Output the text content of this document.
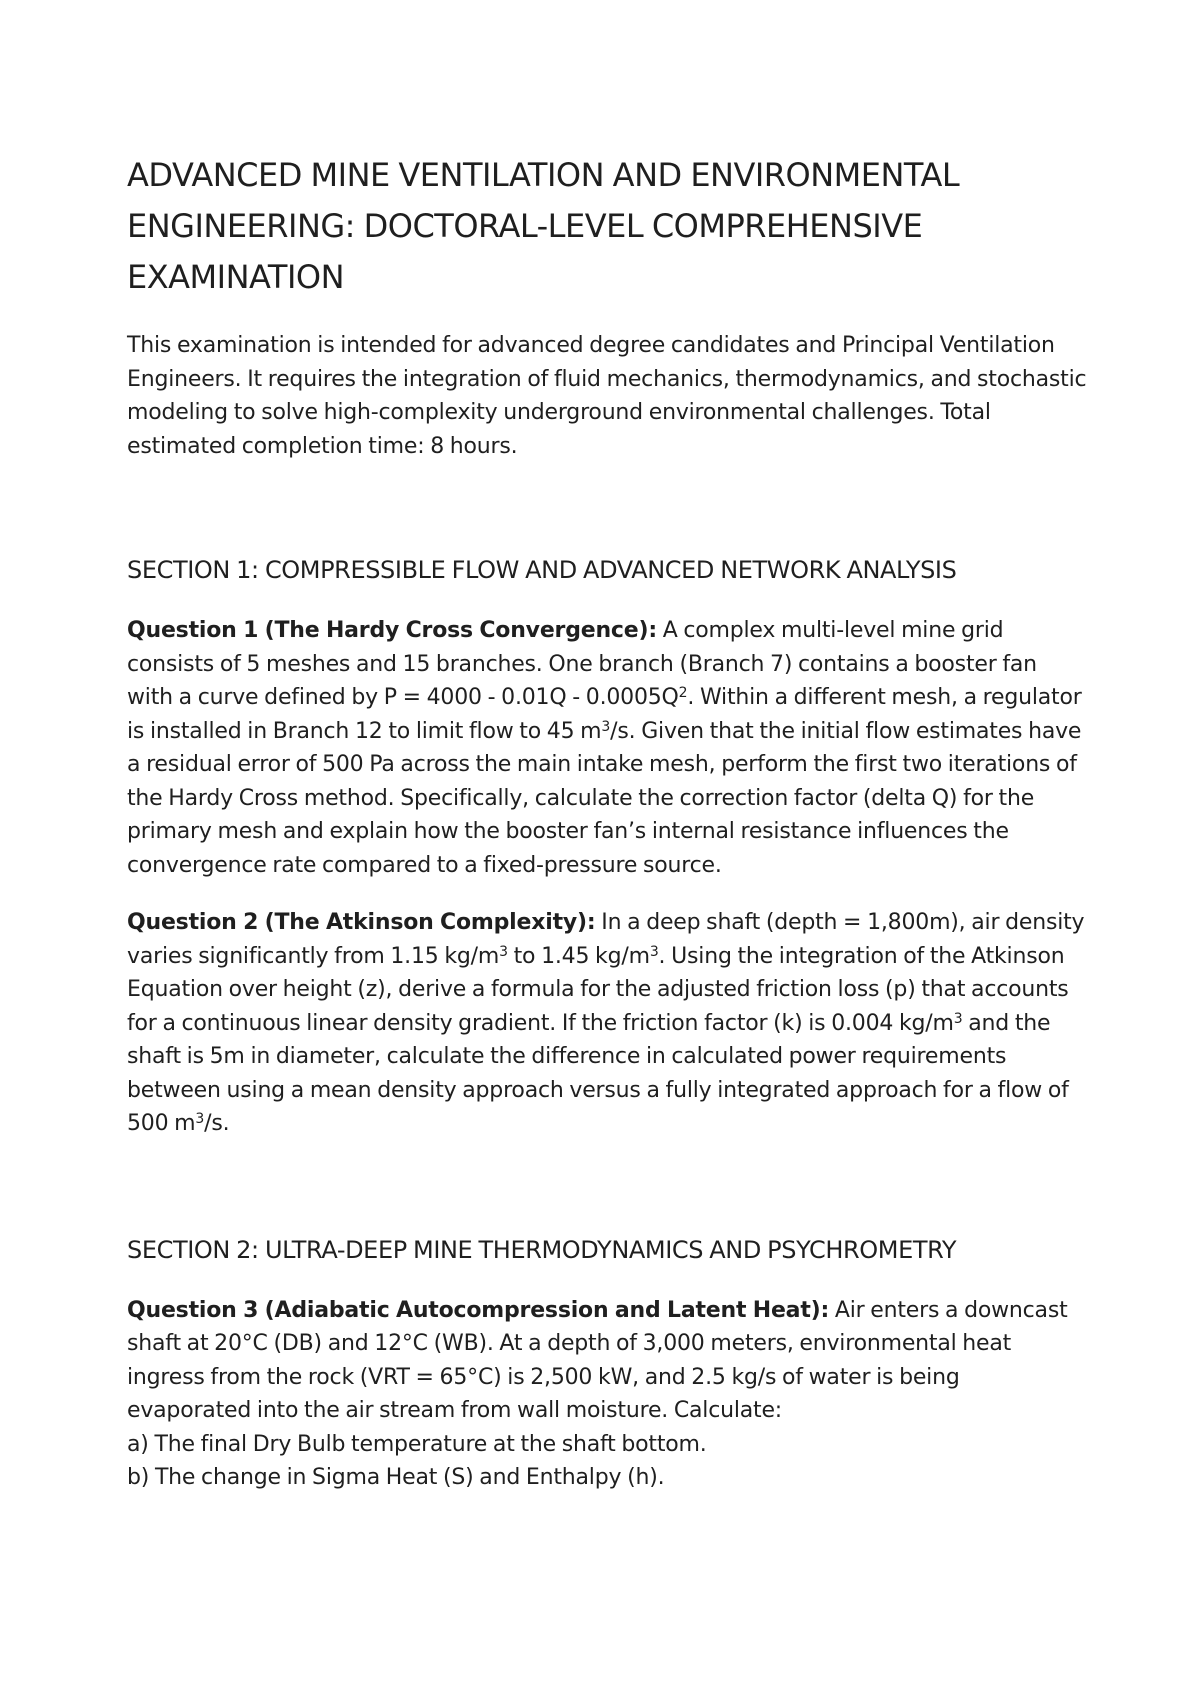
ADVANCED MINE VENTILATION AND ENVIRONMENTAL ENGINEERING: DOCTORAL-LEVEL COMPREHENSIVE EXAMINATION

This examination is intended for advanced degree candidates and Principal Ventilation Engineers. It requires the integration of fluid mechanics, thermodynamics, and stochastic modeling to solve high-complexity underground environmental challenges. Total estimated completion time: 8 hours.

SECTION 1: COMPRESSIBLE FLOW AND ADVANCED NETWORK ANALYSIS

Question 1 (The Hardy Cross Convergence): A complex multi-level mine grid consists of 5 meshes and 15 branches. One branch (Branch 7) contains a booster fan with a curve defined by $P = 4000 - 0.01Q - 0.0005Q^2$. Within a different mesh, a regulator is installed in Branch 12 to limit flow to 45 $m^3/s$. Given that the initial flow estimates have a residual error of 500 Pa across the main intake mesh, perform the first two iterations of the Hardy Cross method. Specifically, calculate the correction factor (delta Q) for the primary mesh and explain how the booster fan’s internal resistance influences the convergence rate compared to a fixed-pressure source.

Question 2 (The Atkinson Complexity): In a deep shaft (depth = 1,800m), air density varies significantly from 1.15 $kg/m^3$ to 1.45 $kg/m^3$. Using the integration of the Atkinson Equation over height (z), derive a formula for the adjusted friction loss (p) that accounts for a continuous linear density gradient. If the friction factor (k) is 0.004 $kg/m^3$ and the shaft is 5m in diameter, calculate the difference in calculated power requirements between using a mean density approach versus a fully integrated approach for a flow of 500 $m^3/s$.

SECTION 2: ULTRA-DEEP MINE THERMODYNAMICS AND PSYCHROMETRY

Question 3 (Adiabatic Autocompression and Latent Heat): Air enters a downcast shaft at 20°C (DB) and 12°C (WB). At a depth of 3,000 meters, environmental heat ingress from the rock (VRT = 65°C) is 2,500 kW, and 2.5 kg/s of water is being evaporated into the air stream from wall moisture. Calculate:
a) The final Dry Bulb temperature at the shaft bottom.
b) The change in Sigma Heat (S) and Enthalpy (h).
